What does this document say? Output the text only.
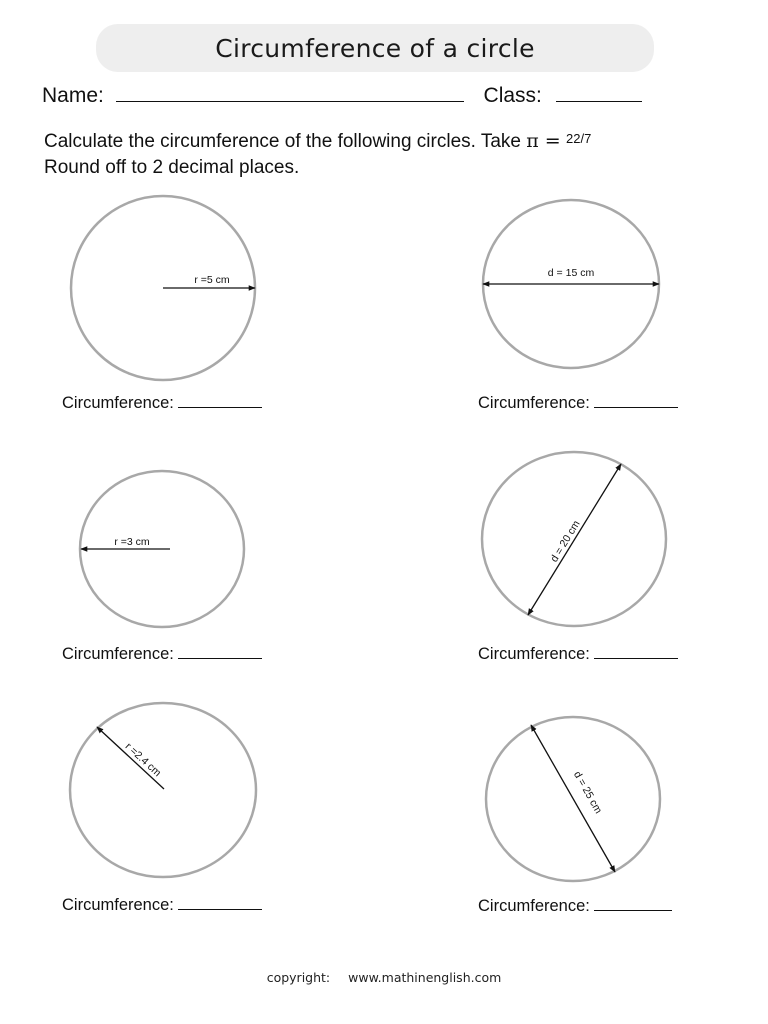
Circumference of a circle
Name:	Class:
Calculate the circumference of the following circles. Take π = $^{22/7}$
Round off to 2 decimal places.
r =5 cm
d = 15 cm
r =3 cm	d = 20 cm
r =2.4 cm
d = 25 cm
Circumference:	Circumference:
Circumference:	Circumference:
Circumference:	Circumference:
copyright: www.mathinenglish.com
